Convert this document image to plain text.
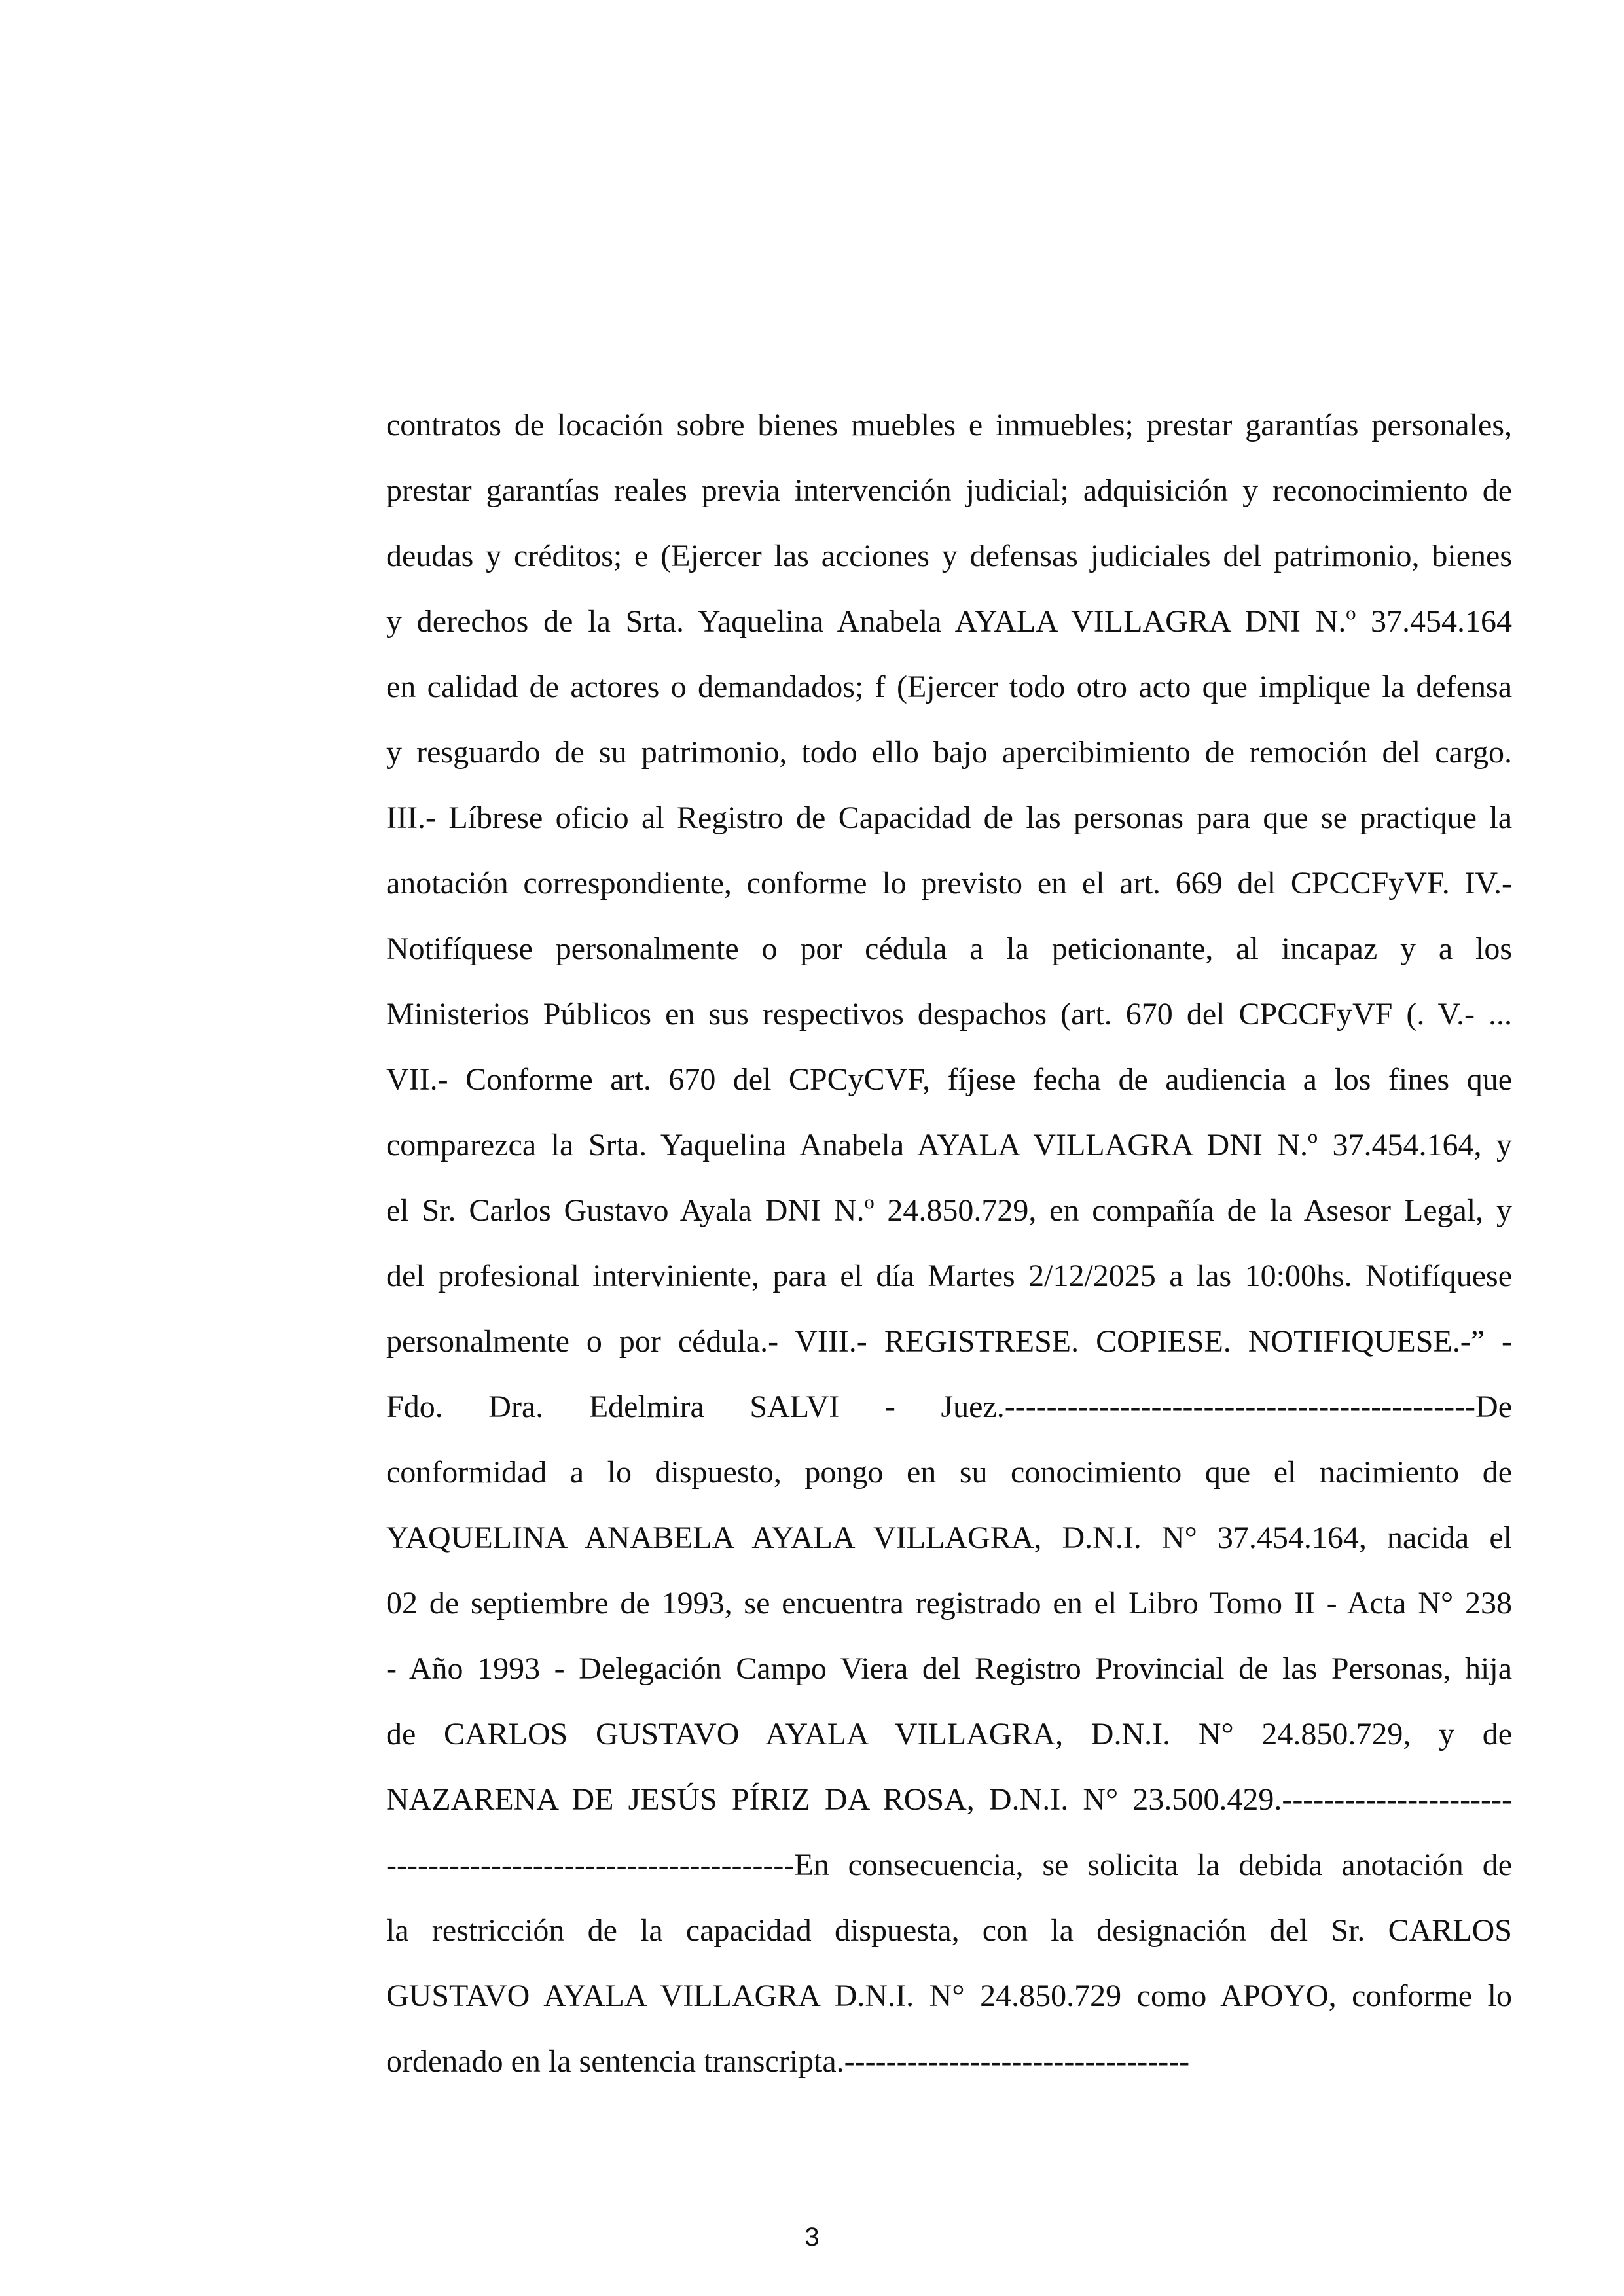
contratos de locación sobre bienes muebles e inmuebles; prestar garantías personales,
prestar garantías reales previa intervención judicial; adquisición y reconocimiento de
deudas y créditos; e (Ejercer las acciones y defensas judiciales del patrimonio, bienes
y derechos de la Srta. Yaquelina Anabela AYALA VILLAGRA DNI N.º 37.454.164
en calidad de actores o demandados; f (Ejercer todo otro acto que implique la defensa
y resguardo de su patrimonio, todo ello bajo apercibimiento de remoción del cargo.
III.- Líbrese oficio al Registro de Capacidad de las personas para que se practique la
anotación correspondiente, conforme lo previsto en el art. 669 del CPCCFyVF. IV.-
Notifíquese personalmente o por cédula a la peticionante, al incapaz y a los
Ministerios Públicos en sus respectivos despachos (art. 670 del CPCCFyVF (. V.- ...
VII.- Conforme art. 670 del CPCyCVF, fíjese fecha de audiencia a los fines que
comparezca la Srta. Yaquelina Anabela AYALA VILLAGRA DNI N.º 37.454.164, y
el Sr. Carlos Gustavo Ayala DNI N.º 24.850.729, en compañía de la Asesor Legal, y
del profesional interviniente, para el día Martes 2/12/2025 a las 10:00hs. Notifíquese
personalmente o por cédula.- VIII.- REGISTRESE. COPIESE. NOTIFIQUESE.-” -
Fdo. Dra. Edelmira SALVI - Juez.---------------------------------------------De
conformidad a lo dispuesto, pongo en su conocimiento que el nacimiento de
YAQUELINA ANABELA AYALA VILLAGRA, D.N.I. N° 37.454.164, nacida el
02 de septiembre de 1993, se encuentra registrado en el Libro Tomo II - Acta N° 238
- Año 1993 - Delegación Campo Viera del Registro Provincial de las Personas, hija
de CARLOS GUSTAVO AYALA VILLAGRA, D.N.I. N° 24.850.729, y de
NAZARENA DE JESÚS PÍRIZ DA ROSA, D.N.I. N° 23.500.429.----------------------
---------------------------------------En consecuencia, se solicita la debida anotación de
la restricción de la capacidad dispuesta, con la designación del Sr. CARLOS
GUSTAVO AYALA VILLAGRA D.N.I. N° 24.850.729 como APOYO, conforme lo
ordenado en la sentencia transcripta.---------------------------------
3
